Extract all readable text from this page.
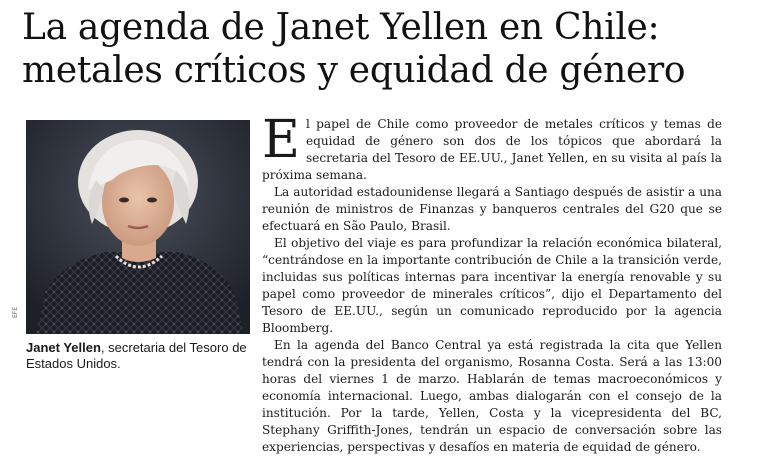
La agenda de Janet Yellen en Chile: metales críticos y equidad de género
EFE

Janet Yellen, secretaria del Tesoro de Estados Unidos.

El papel de Chile como proveedor de metales críticos y temas de equidad de género son dos de los tópicos que abordará la secretaria del Tesoro de EE.UU., Janet Yellen, en su visita al país la próxima semana.

La autoridad estadounidense llegará a Santiago después de asistir a una reunión de ministros de Finanzas y banqueros centrales del G20 que se efectuará en São Paulo, Brasil.

El objetivo del viaje es para profundizar la relación económica bilateral, “centrándose en la importante contribución de Chile a la transición verde, incluidas sus políticas internas para incentivar la energía renovable y su papel como proveedor de minerales críticos”, dijo el Departamento del Tesoro de EE.UU., según un comunicado reproducido por la agencia Bloomberg.

En la agenda del Banco Central ya está registrada la cita que Yellen tendrá con la presidenta del organismo, Rosanna Costa. Será a las 13:00 horas del viernes 1 de marzo. Hablarán de temas macroeconómicos y economía internacional. Luego, ambas dialogarán con el consejo de la institución. Por la tarde, Yellen, Costa y la vicepresidenta del BC, Stephany Griffith-Jones, tendrán un espacio de conversación sobre las experiencias, perspectivas y desafíos en materia de equidad de género.
